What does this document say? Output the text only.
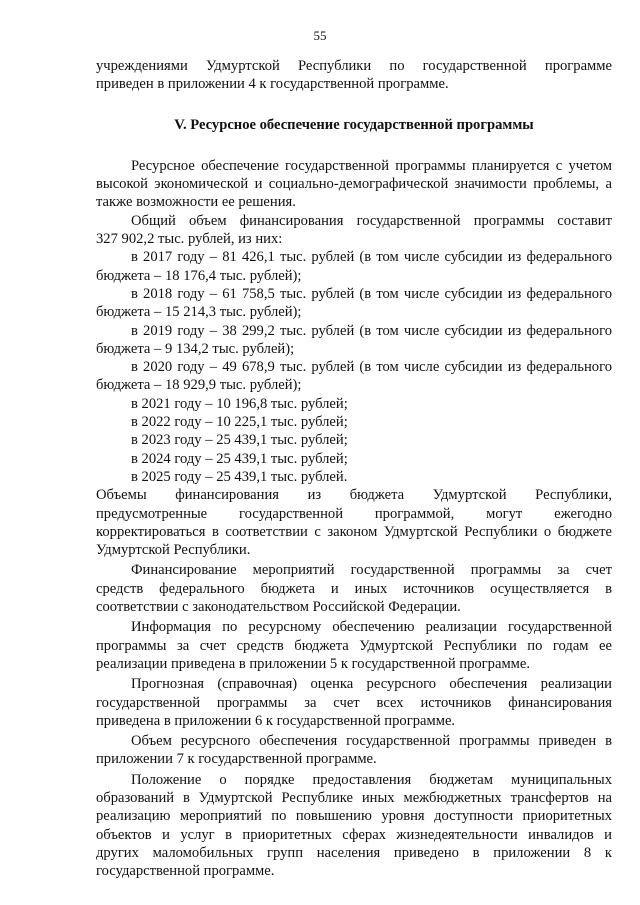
55

учреждениями Удмуртской Республики по государственной программе

приведен в приложении 4 к государственной программе.

V. Ресурсное обеспечение государственной программы

Ресурсное обеспечение государственной программы планируется с учетом

высокой экономической и социально-демографической значимости проблемы, а

также возможности ее решения.

Общий объем финансирования государственной программы составит

327 902,2 тыс. рублей, из них:

в 2017 году – 81 426,1 тыс. рублей (в том числе субсидии из федерального

бюджета – 18 176,4 тыс. рублей);

в 2018 году – 61 758,5 тыс. рублей (в том числе субсидии из федерального

бюджета – 15 214,3 тыс. рублей);

в 2019 году – 38 299,2 тыс. рублей (в том числе субсидии из федерального

бюджета – 9 134,2 тыс. рублей);

в 2020 году – 49 678,9 тыс. рублей (в том числе субсидии из федерального

бюджета – 18 929,9 тыс. рублей);

в 2021 году – 10 196,8 тыс. рублей;

в 2022 году – 10 225,1 тыс. рублей;

в 2023 году – 25 439,1 тыс. рублей;

в 2024 году – 25 439,1 тыс. рублей;

в 2025 году – 25 439,1 тыс. рублей.

Объемы финансирования из бюджета Удмуртской Республики,

предусмотренные государственной программой, могут ежегодно

корректироваться в соответствии с законом Удмуртской Республики о бюджете

Удмуртской Республики.

Финансирование мероприятий государственной программы за счет

средств федерального бюджета и иных источников осуществляется в

соответствии с законодательством Российской Федерации.

Информация по ресурсному обеспечению реализации государственной

программы за счет средств бюджета Удмуртской Республики по годам ее

реализации приведена в приложении 5 к государственной программе.

Прогнозная (справочная) оценка ресурсного обеспечения реализации

государственной программы за счет всех источников финансирования

приведена в приложении 6 к государственной программе.

Объем ресурсного обеспечения государственной программы приведен в

приложении 7 к государственной программе.

Положение о порядке предоставления бюджетам муниципальных

образований в Удмуртской Республике иных межбюджетных трансфертов на

реализацию мероприятий по повышению уровня доступности приоритетных

объектов и услуг в приоритетных сферах жизнедеятельности инвалидов и

других маломобильных групп населения приведено в приложении 8 к

государственной программе.
